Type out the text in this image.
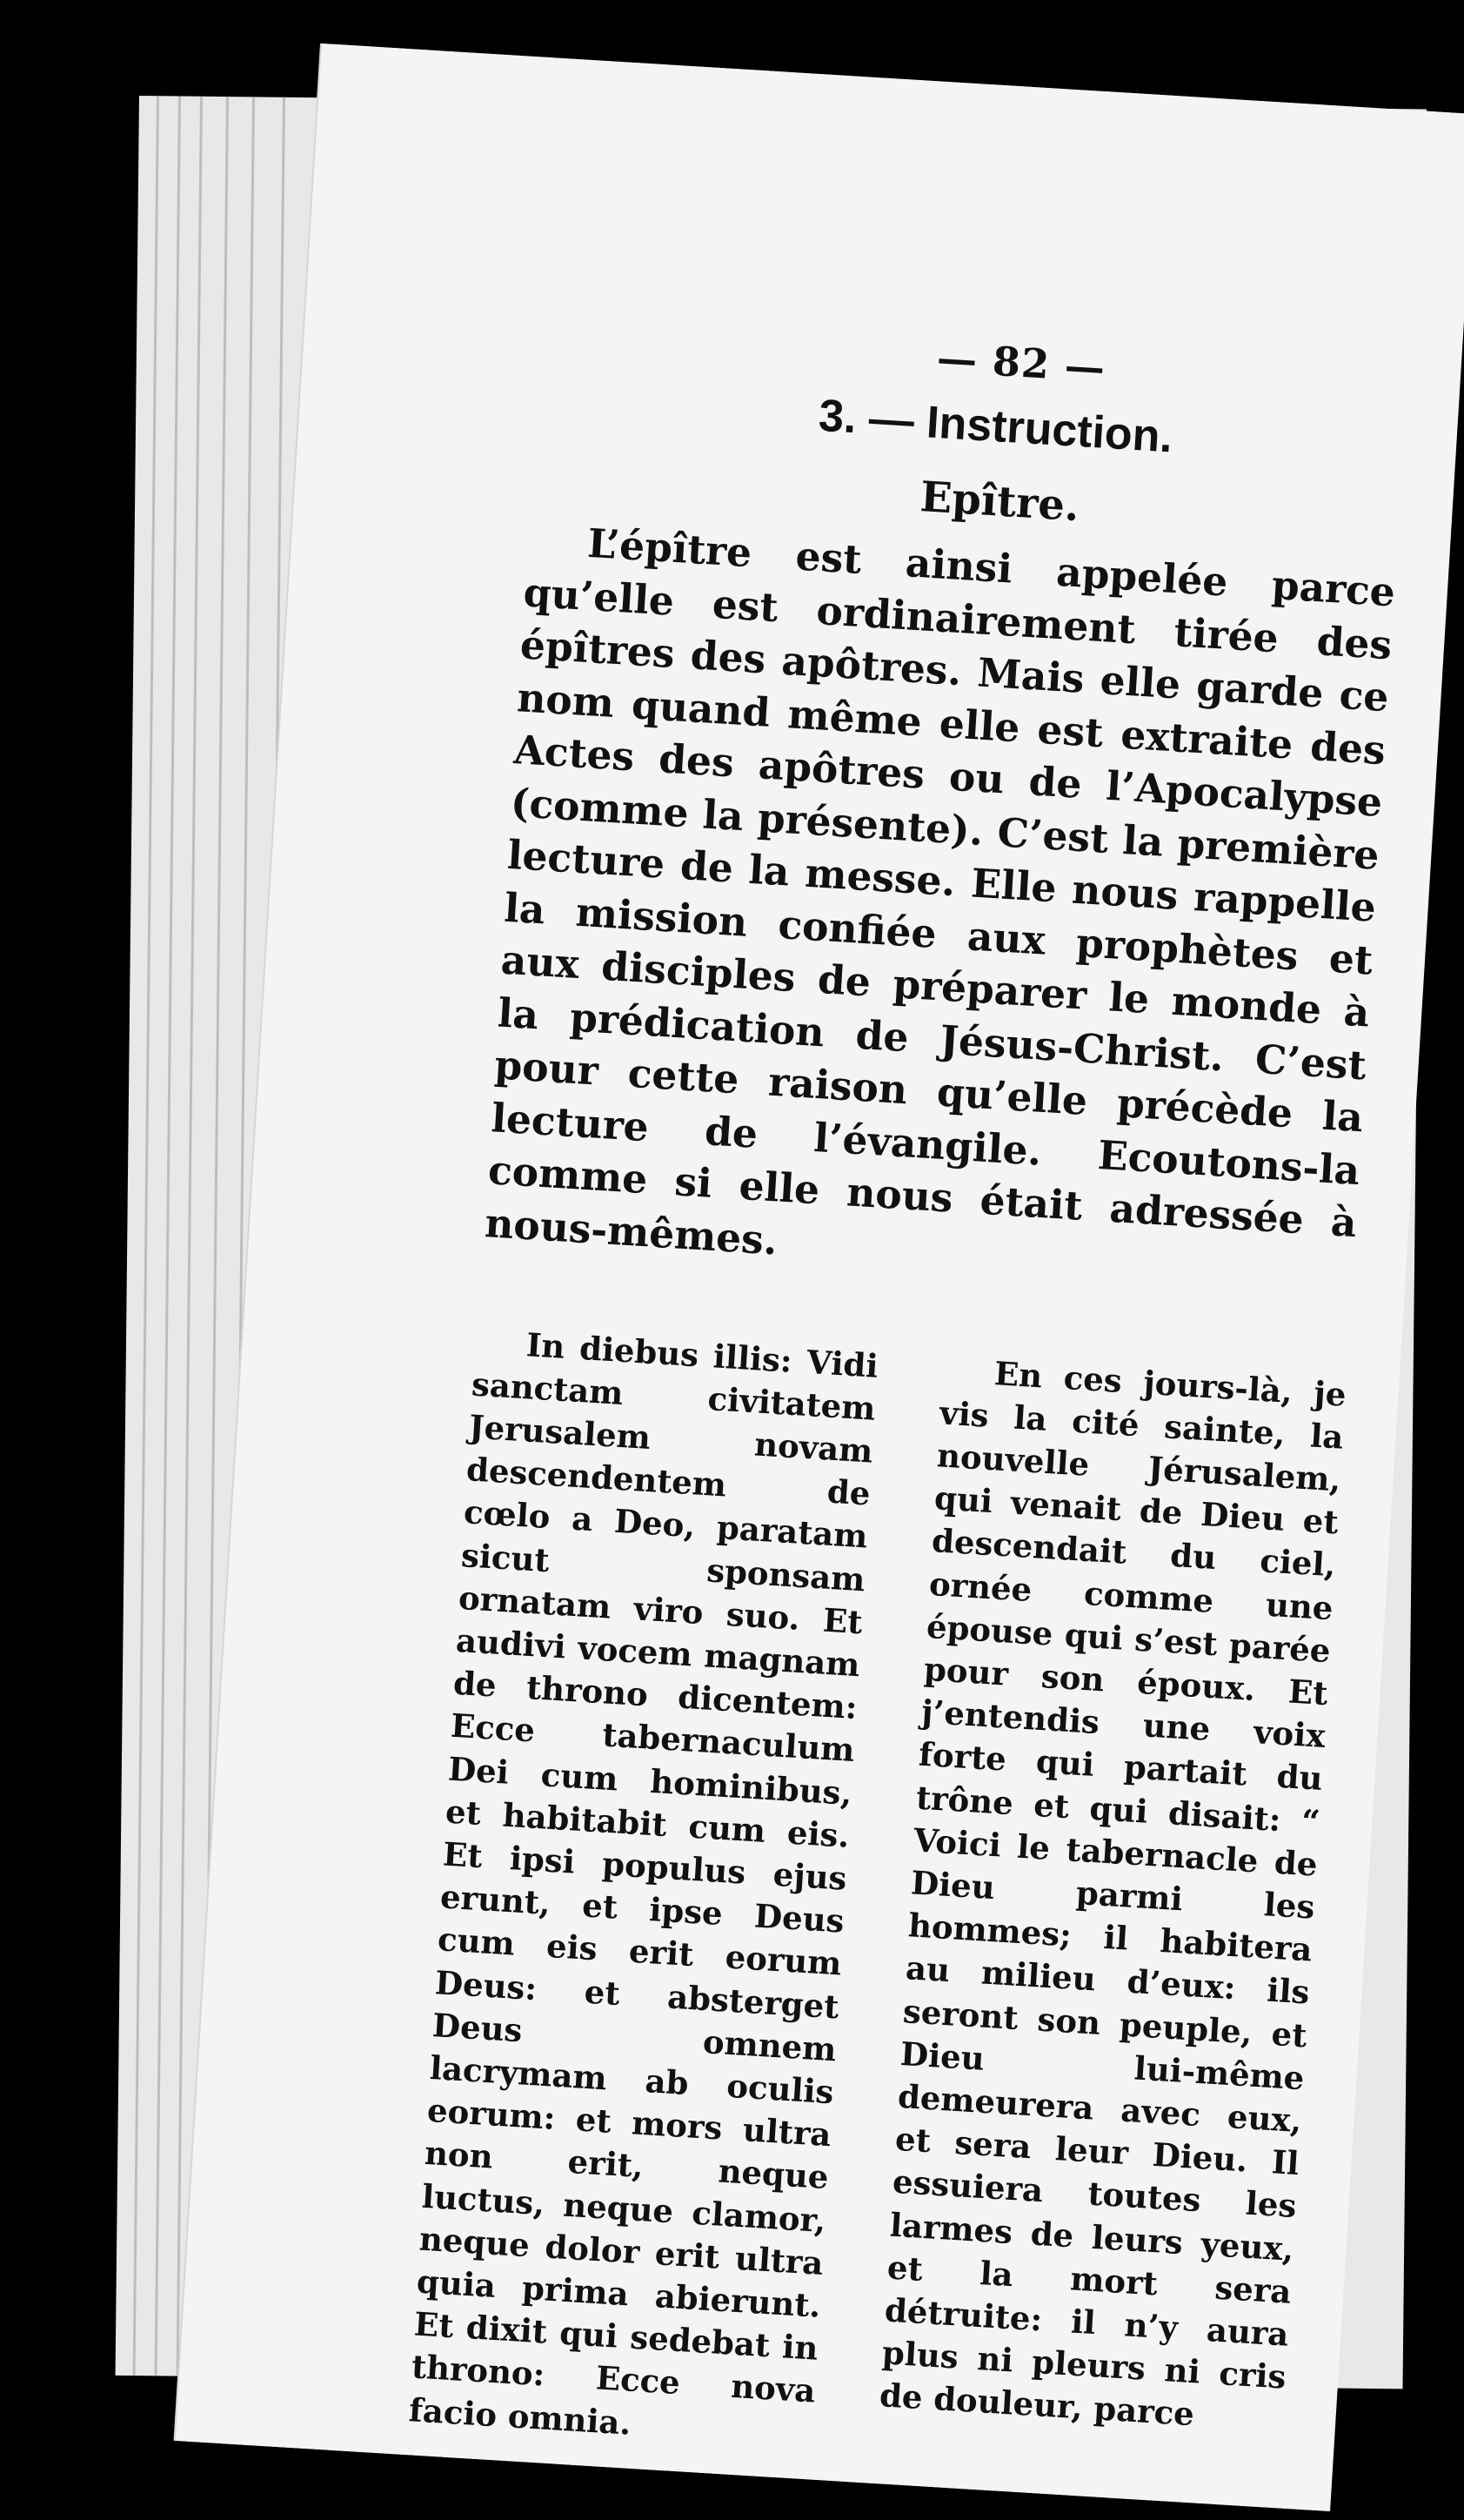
— 82 —
3. — Instruction.
Epître.

L’épître est ainsi appelée parce qu’elle est ordinairement tirée des épîtres des apôtres. Mais elle garde ce nom quand même elle est extraite des Actes des apôtres ou de l’Apocalypse (comme la présente). C’est la première lecture de la messe. Elle nous rappelle la mission confiée aux prophètes et aux disciples de préparer le monde à la prédication de Jésus-Christ. C’est pour cette raison qu’elle précède la lecture de l’évangile. Ecoutons-la comme si elle nous était adressée à nous-mêmes.

In diebus illis: Vidi sanctam civitatem Jerusalem novam descendentem de cœlo a Deo, paratam sicut sponsam ornatam viro suo. Et audivi vocem magnam de throno dicentem: Ecce tabernaculum Dei cum hominibus, et habitabit cum eis. Et ipsi populus ejus erunt, et ipse Deus cum eis erit eorum Deus: et absterget Deus omnem lacrymam ab oculis eorum: et mors ultra non erit, neque luctus, neque clamor, neque dolor erit ultra quia prima abierunt. Et dixit qui sedebat in throno: Ecce nova facio omnia.

En ces jours-là, je vis la cité sainte, la nouvelle Jérusalem, qui venait de Dieu et descendait du ciel, ornée comme une épouse qui s’est parée pour son époux. Et j’entendis une voix forte qui partait du trône et qui disait: “ Voici le tabernacle de Dieu parmi les hommes; il habitera au milieu d’eux: ils seront son peuple, et Dieu lui-même demeurera avec eux, et sera leur Dieu. Il essuiera toutes les larmes de leurs yeux, et la mort sera détruite: il n’y aura plus ni pleurs ni cris de douleur, parce
